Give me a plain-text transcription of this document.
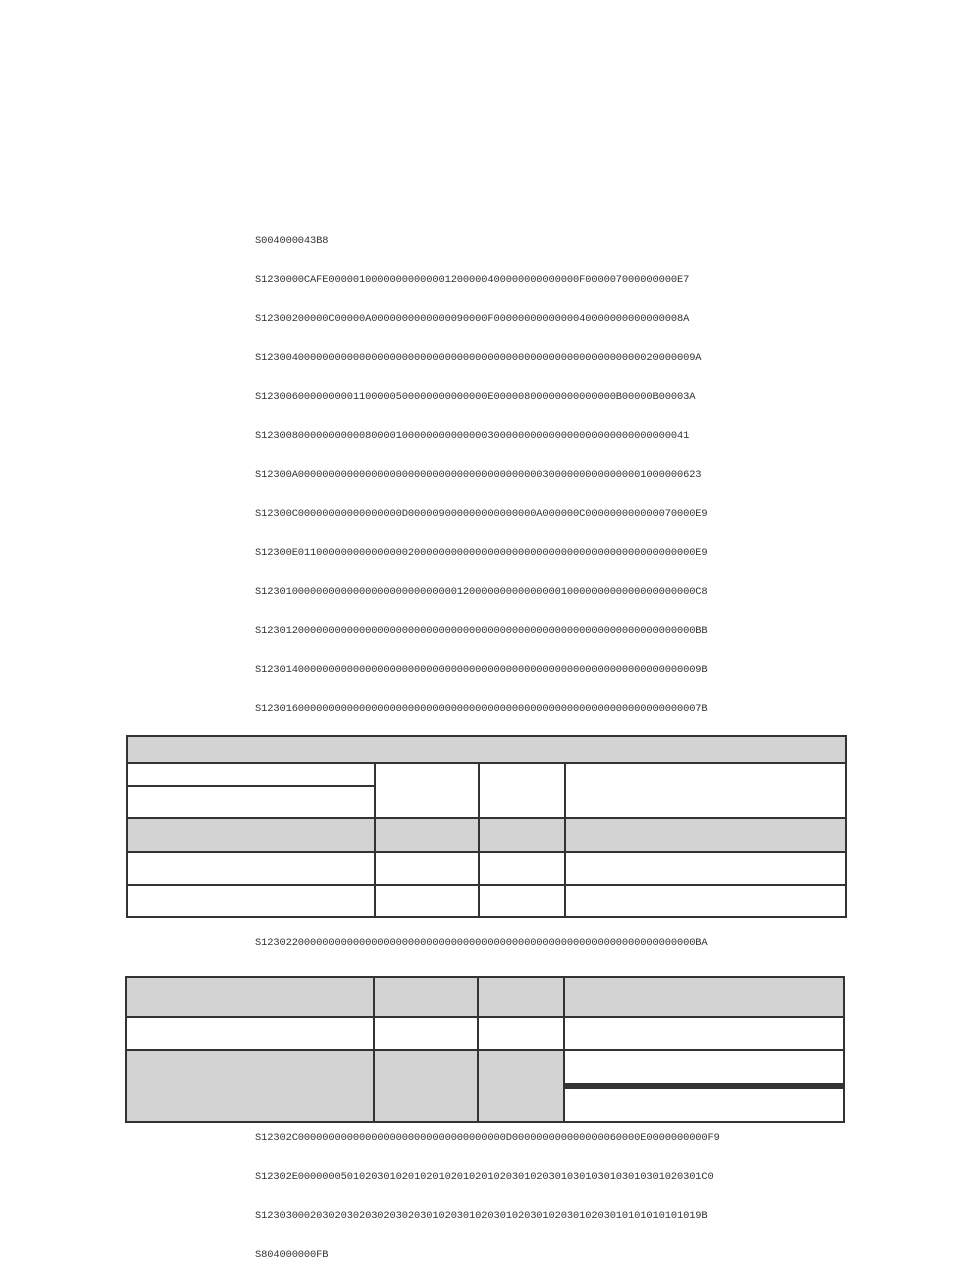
S004000043B8

S1230000CAFE00000100000000000001200000400000000000000F000007000000000E7

S12300200000C00000A0000000000000090000F0000000000000040000000000000008A

S12300400000000000000000000000000000000000000000000000000000000020000009A

S1230060000000001100000500000000000000E00000800000000000000B00000B00003A

S1230080000000000080000100000000000000300000000000000000000000000000041

S12300A000000000000000000000000000000000000000030000000000000001000000623

S12300C00000000000000000D000009000000000000000A000000C000000000000070000E9

S12300E01100000000000000020000000000000000000000000000000000000000000000E9

S12301000000000000000000000000000120000000000000001000000000000000000000C8

S12301200000000000000000000000000000000000000000000000000000000000000000BB

S123014000000000000000000000000000000000000000000000000000000000000000009B

S123016000000000000000000000000000000000000000000000000000000000000000007B

S12302200000000000000000000000000000000000000000000000000000000000000000BA

S12302C0000000000000000000000000000000000D000000000000000060000E0000000000F9

S12302E000000050102030102010201020102010203010203010301030103010301020301C0

S123030002030203020302030203010203010203010203010203010203010101010101019B

S804000000FB
